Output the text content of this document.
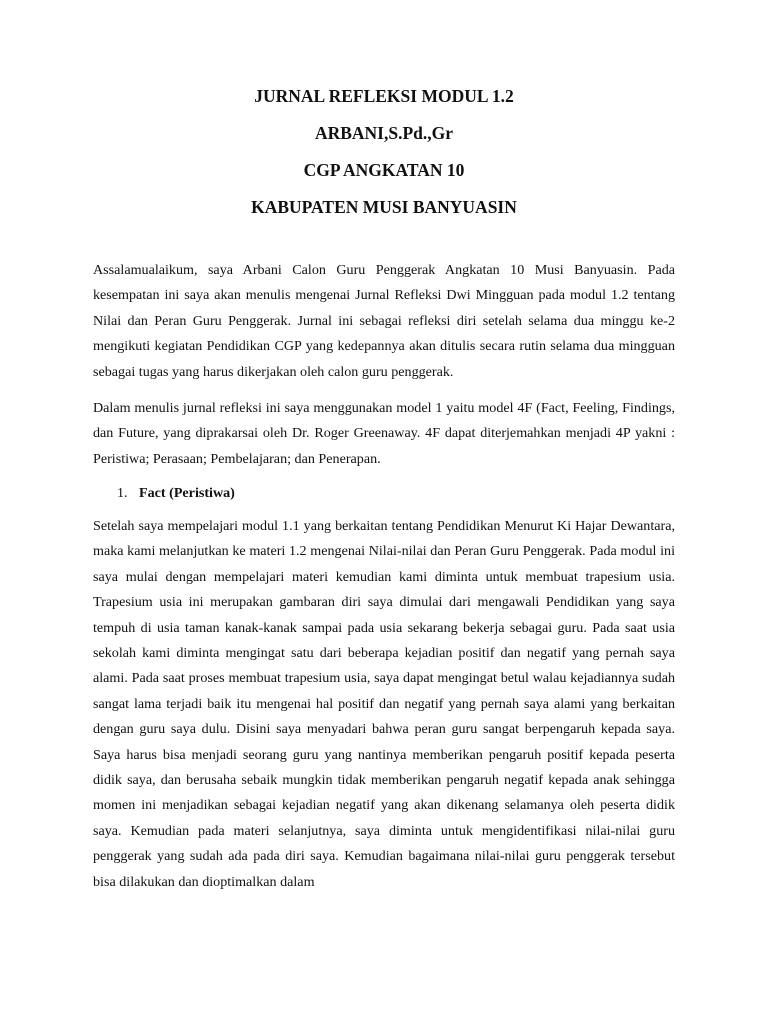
JURNAL REFLEKSI MODUL 1.2
ARBANI,S.Pd.,Gr
CGP ANGKATAN 10
KABUPATEN MUSI BANYUASIN

Assalamualaikum, saya Arbani Calon Guru Penggerak Angkatan 10 Musi Banyuasin. Pada kesempatan ini saya akan menulis mengenai Jurnal Refleksi Dwi Mingguan pada modul 1.2 tentang Nilai dan Peran Guru Penggerak. Jurnal ini sebagai refleksi diri setelah selama dua minggu ke-2 mengikuti kegiatan Pendidikan CGP yang kedepannya akan ditulis secara rutin selama dua mingguan sebagai tugas yang harus dikerjakan oleh calon guru penggerak.

Dalam menulis jurnal refleksi ini saya menggunakan model 1 yaitu model 4F (Fact, Feeling, Findings, dan Future, yang diprakarsai oleh Dr. Roger Greenaway. 4F dapat diterjemahkan menjadi 4P yakni : Peristiwa; Perasaan; Pembelajaran; dan Penerapan.

1. Fact (Peristiwa)

Setelah saya mempelajari modul 1.1 yang berkaitan tentang Pendidikan Menurut Ki Hajar Dewantara, maka kami melanjutkan ke materi 1.2 mengenai Nilai-nilai dan Peran Guru Penggerak. Pada modul ini saya mulai dengan mempelajari materi kemudian kami diminta untuk membuat trapesium usia. Trapesium usia ini merupakan gambaran diri saya dimulai dari mengawali Pendidikan yang saya tempuh di usia taman kanak-kanak sampai pada usia sekarang bekerja sebagai guru. Pada saat usia sekolah kami diminta mengingat satu dari beberapa kejadian positif dan negatif yang pernah saya alami. Pada saat proses membuat trapesium usia, saya dapat mengingat betul walau kejadiannya sudah sangat lama terjadi baik itu mengenai hal positif dan negatif yang pernah saya alami yang berkaitan dengan guru saya dulu. Disini saya menyadari bahwa peran guru sangat berpengaruh kepada saya. Saya harus bisa menjadi seorang guru yang nantinya memberikan pengaruh positif kepada peserta didik saya, dan berusaha sebaik mungkin tidak memberikan pengaruh negatif kepada anak sehingga momen ini menjadikan sebagai kejadian negatif yang akan dikenang selamanya oleh peserta didik saya. Kemudian pada materi selanjutnya, saya diminta untuk mengidentifikasi nilai-nilai guru penggerak yang sudah ada pada diri saya. Kemudian bagaimana nilai-nilai guru penggerak tersebut bisa dilakukan dan dioptimalkan dalam
